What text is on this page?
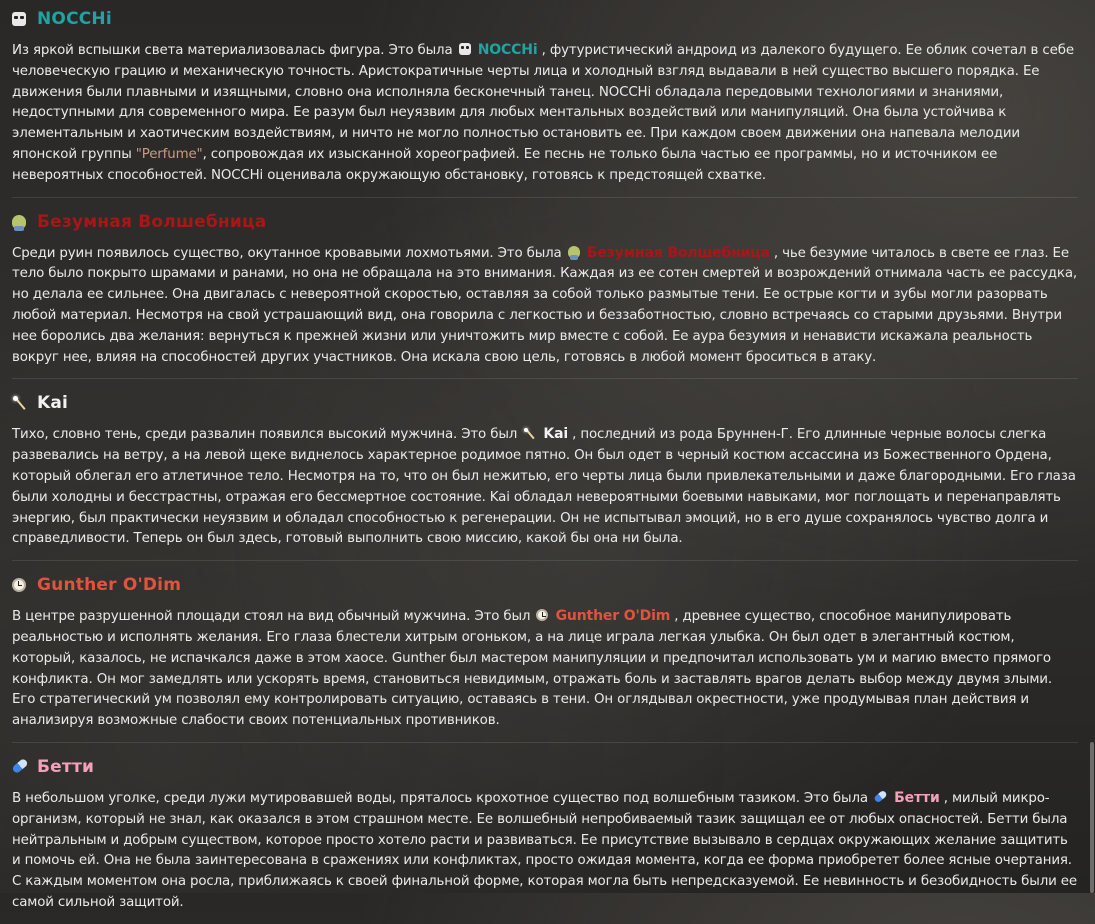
NOCCHi

Из яркой вспышки света материализовалась фигура. Это была NOCCHi , футуристический андроид из далекого будущего. Ее облик сочетал в себе человеческую грацию и механическую точность. Аристократичные черты лица и холодный взгляд выдавали в ней существо высшего порядка. Ее движения были плавными и изящными, словно она исполняла бесконечный танец. NOCCHi обладала передовыми технологиями и знаниями, недоступными для современного мира. Ее разум был неуязвим для любых ментальных воздействий или манипуляций. Она была устойчива к элементальным и хаотическим воздействиям, и ничто не могло полностью остановить ее. При каждом своем движении она напевала мелодии японской группы "Perfume", сопровождая их изысканной хореографией. Ее песнь не только была частью ее программы, но и источником ее невероятных способностей. NOCCHi оценивала окружающую обстановку, готовясь к предстоящей схватке.

Безумная Волшебница

Среди руин появилось существо, окутанное кровавыми лохмотьями. Это была Безумная Волшебница , чье безумие читалось в свете ее глаз. Ее тело было покрыто шрамами и ранами, но она не обращала на это внимания. Каждая из ее сотен смертей и возрождений отнимала часть ее рассудка, но делала ее сильнее. Она двигалась с невероятной скоростью, оставляя за собой только размытые тени. Ее острые когти и зубы могли разорвать любой материал. Несмотря на свой устрашающий вид, она говорила с легкостью и беззаботностью, словно встречаясь со старыми друзьями. Внутри нее боролись два желания: вернуться к прежней жизни или уничтожить мир вместе с собой. Ее аура безумия и ненависти искажала реальность вокруг нее, влияя на способностей других участников. Она искала свою цель, готовясь в любой момент броситься в атаку.

Kai

Тихо, словно тень, среди развалин появился высокий мужчина. Это был Kai , последний из рода Бруннен-Г. Его длинные черные волосы слегка развевались на ветру, а на левой щеке виднелось характерное родимое пятно. Он был одет в черный костюм ассассина из Божественного Ордена, который облегал его атлетичное тело. Несмотря на то, что он был нежитью, его черты лица были привлекательными и даже благородными. Его глаза были холодны и бесстрастны, отражая его бессмертное состояние. Kai обладал невероятными боевыми навыками, мог поглощать и перенаправлять энергию, был практически неуязвим и обладал способностью к регенерации. Он не испытывал эмоций, но в его душе сохранялось чувство долга и справедливости. Теперь он был здесь, готовый выполнить свою миссию, какой бы она ни была.

Gunther O'Dim

В центре разрушенной площади стоял на вид обычный мужчина. Это был Gunther O'Dim , древнее существо, способное манипулировать реальностью и исполнять желания. Его глаза блестели хитрым огоньком, а на лице играла легкая улыбка. Он был одет в элегантный костюм, который, казалось, не испачкался даже в этом хаосе. Gunther был мастером манипуляции и предпочитал использовать ум и магию вместо прямого конфликта. Он мог замедлять или ускорять время, становиться невидимым, отражать боль и заставлять врагов делать выбор между двумя злыми. Его стратегический ум позволял ему контролировать ситуацию, оставаясь в тени. Он оглядывал окрестности, уже продумывая план действия и анализируя возможные слабости своих потенциальных противников.

Бетти

В небольшом уголке, среди лужи мутировавшей воды, пряталось крохотное существо под волшебным тазиком. Это была Бетти , милый микро-организм, который не знал, как оказался в этом страшном месте. Ее волшебный непробиваемый тазик защищал ее от любых опасностей. Бетти была нейтральным и добрым существом, которое просто хотело расти и развиваться. Ее присутствие вызывало в сердцах окружающих желание защитить и помочь ей. Она не была заинтересована в сражениях или конфликтах, просто ожидая момента, когда ее форма приобретет более ясные очертания. С каждым моментом она росла, приближаясь к своей финальной форме, которая могла быть непредсказуемой. Ее невинность и безобидность были ее самой сильной защитой.
